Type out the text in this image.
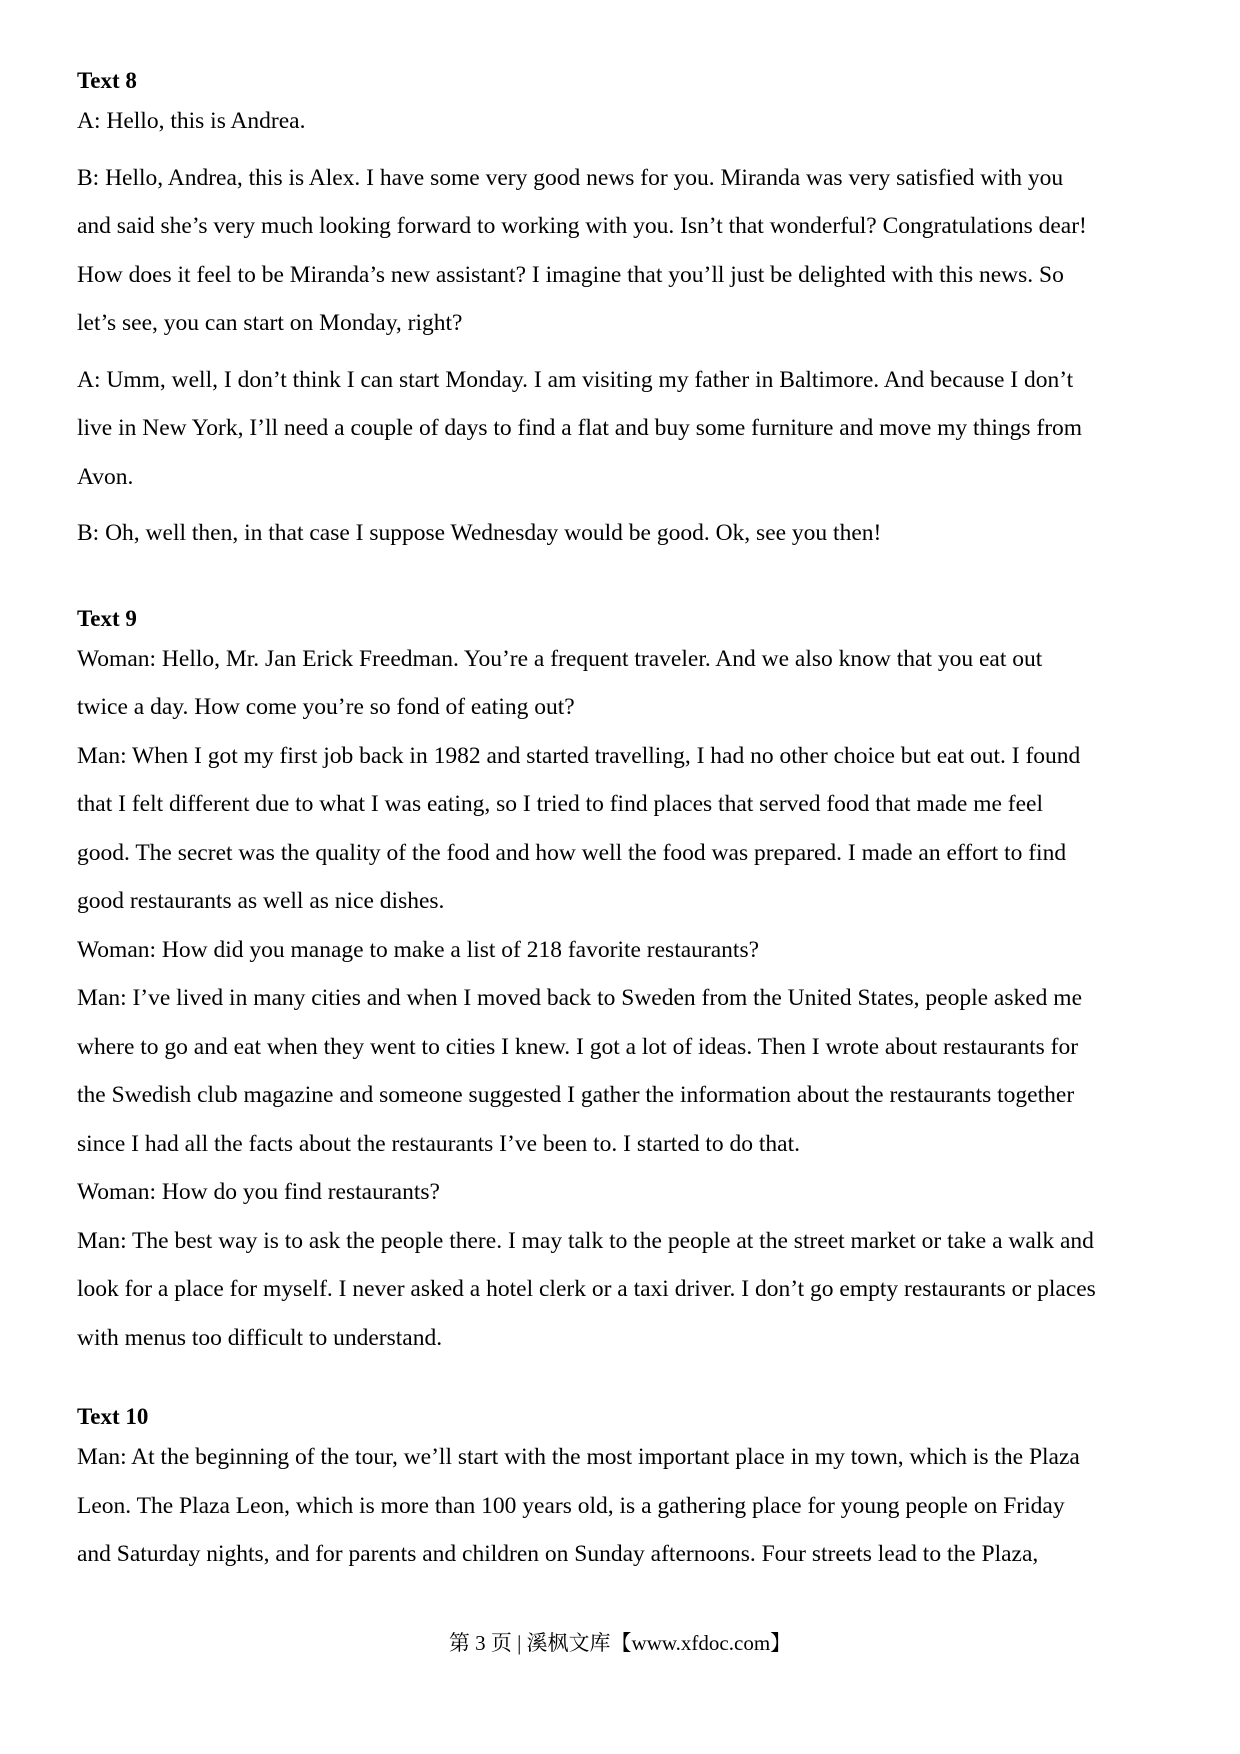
Text 8

A: Hello, this is Andrea.

B: Hello, Andrea, this is Alex. I have some very good news for you. Miranda was very satisfied with you
and said she’s very much looking forward to working with you. Isn’t that wonderful? Congratulations dear!
How does it feel to be Miranda’s new assistant? I imagine that you’ll just be delighted with this news. So
let’s see, you can start on Monday, right?

A: Umm, well, I don’t think I can start Monday. I am visiting my father in Baltimore. And because I don’t
live in New York, I’ll need a couple of days to find a flat and buy some furniture and move my things from
Avon.

B: Oh, well then, in that case I suppose Wednesday would be good. Ok, see you then!

Text 9

Woman: Hello, Mr. Jan Erick Freedman. You’re a frequent traveler. And we also know that you eat out
twice a day. How come you’re so fond of eating out?

Man: When I got my first job back in 1982 and started travelling, I had no other choice but eat out. I found
that I felt different due to what I was eating, so I tried to find places that served food that made me feel
good. The secret was the quality of the food and how well the food was prepared. I made an effort to find
good restaurants as well as nice dishes.

Woman: How did you manage to make a list of 218 favorite restaurants?

Man: I’ve lived in many cities and when I moved back to Sweden from the United States, people asked me
where to go and eat when they went to cities I knew. I got a lot of ideas. Then I wrote about restaurants for
the Swedish club magazine and someone suggested I gather the information about the restaurants together
since I had all the facts about the restaurants I’ve been to. I started to do that.

Woman: How do you find restaurants?

Man: The best way is to ask the people there. I may talk to the people at the street market or take a walk and
look for a place for myself. I never asked a hotel clerk or a taxi driver. I don’t go empty restaurants or places
with menus too difficult to understand.

Text 10

Man: At the beginning of the tour, we’ll start with the most important place in my town, which is the Plaza
Leon. The Plaza Leon, which is more than 100 years old, is a gathering place for young people on Friday
and Saturday nights, and for parents and children on Sunday afternoons. Four streets lead to the Plaza,

第 3 页 | 溪枫文库【www.xfdoc.com】
